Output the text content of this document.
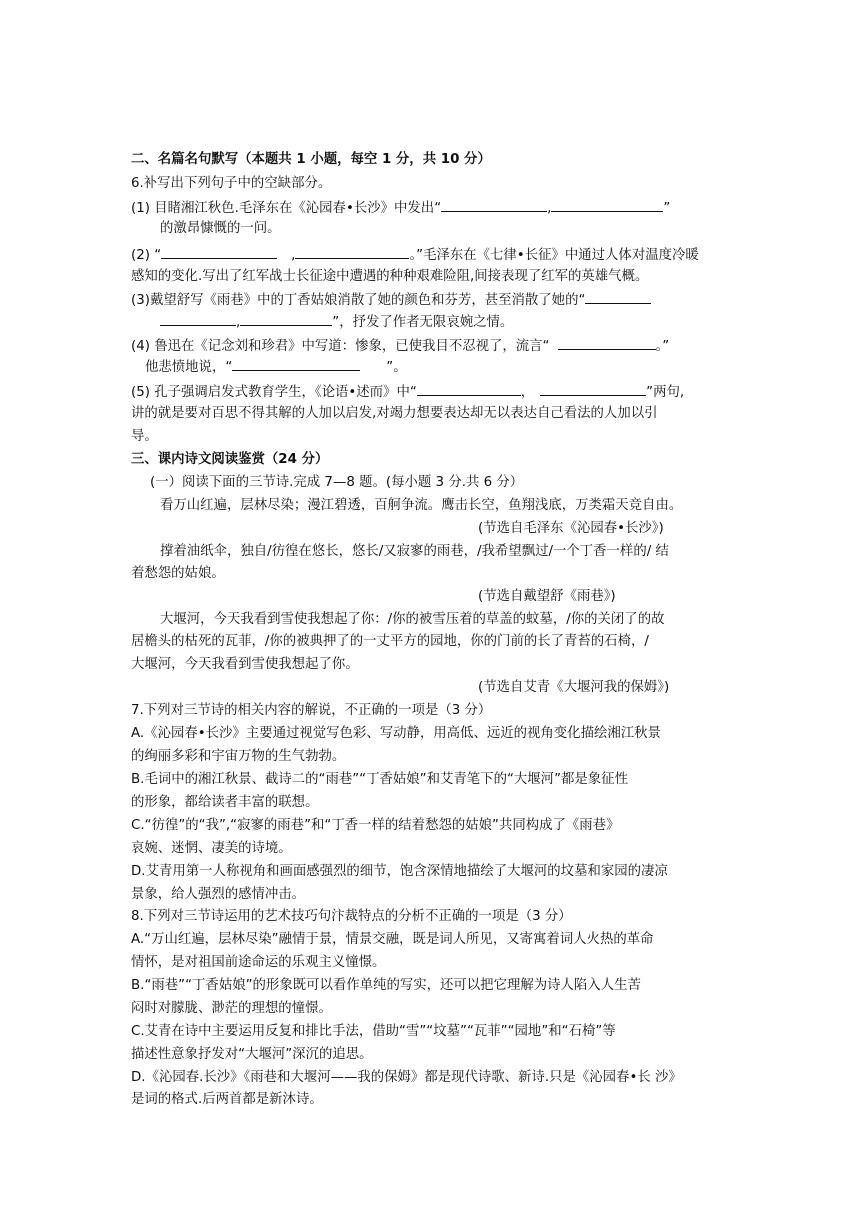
二、名篇名句默写（本题共 1 小题，每空 1 分，共 10 分）
6.补写出下列句子中的空缺部分。
(1) 目睹湘江秋色.毛泽东在《沁园春•长沙》中发出“	,	”
的激昂慷慨的一问。
(2) “	,	。”毛泽东在《七律•长征》中通过人体对温度冷暖
感知的变化.写出了红军战士长征途中遭遇的种种艰难险阻,间接表现了红军的英雄气概。
(3)戴望舒写《雨巷》中的丁香姑娘消散了她的颜色和芬芳，甚至消散了她的“
,	”，抒发了作者无限哀婉之情。
(4) 鲁迅在《记念刘和珍君》中写道：惨象，已使我目不忍视了，流言“	。”
他悲愤地说，“	”。
(5) 孔子强调启发式教育学生，《论语•述而》中“	，	”两句,
讲的就是要对百思不得其解的人加以启发,对竭力想要表达却无以表达自己看法的人加以引
导。
三、课内诗文阅读鉴赏（24 分）
(一）阅读下面的三节诗.完成 7—8 题。(每小题 3 分.共 6 分）
看万山红遍，层林尽染；漫江碧透，百舸争流。鹰击长空，鱼翔浅底，万类霜天竞自由。
(节选自毛泽东《沁园春•长沙》)
撑着油纸伞，独自/彷徨在悠长，悠长/又寂寥的雨巷，/我希望飘过/一个丁香一样的/ 结
着愁怨的姑娘。
(节选自戴望舒《雨巷》)
大堰河，今天我看到雪使我想起了你：/你的被雪压着的草盖的蚊墓，/你的关闭了的故
居檐头的枯死的瓦菲，/你的被典押了的一丈平方的园地，你的门前的长了青苔的石椅，/
大堰河，今天我看到雪使我想起了你。
(节选自艾青《大堰河我的保姆》)
7.下列对三节诗的相关内容的解说，不正确的一项是（3 分）
A.《沁园春•长沙》主要通过视觉写色彩、写动静，用高低、远近的视角变化描绘湘江秋景
的绚丽多彩和宇宙万物的生气勃勃。
B.毛词中的湘江秋景、截诗二的“雨巷”“丁香姑娘”和艾青笔下的“大堰河”都是象征性
的形象，都给读者丰富的联想。
C.“彷徨”的“我”,“寂寥的雨巷”和“丁香一样的结着愁怨的姑娘”共同构成了《雨巷》
哀婉、迷惘、凄美的诗境。
D.艾青用第一人称视角和画面感强烈的细节，饱含深情地描绘了大堰河的坟墓和家园的凄凉
景象，给人强烈的感情冲击。
8.下列对三节诗运用的艺术技巧句汴裁特点的分析不正确的一项是（3 分）
A.“万山红遍，层林尽染”融情于景，情景交融，既是词人所见，又寄寓着词人火热的革命
情怀，是对祖国前途命运的乐观主义憧憬。
B.“雨巷”“丁香姑娘”的形象既可以看作单纯的写实，还可以把它理解为诗人陷入人生苦
闷时对朦胧、渺茫的理想的憧憬。
C.艾青在诗中主要运用反复和排比手法，借助“雪”“坟墓”“瓦菲”“园地”和“石椅”等
描述性意象抒发对“大堰河”深沉的追思。
D.《沁园春.长沙》《雨巷和大堰河——我的保姆》都是现代诗歌、新诗.只是《沁园春•长 沙》
是词的格式.后两首都是新沐诗。
